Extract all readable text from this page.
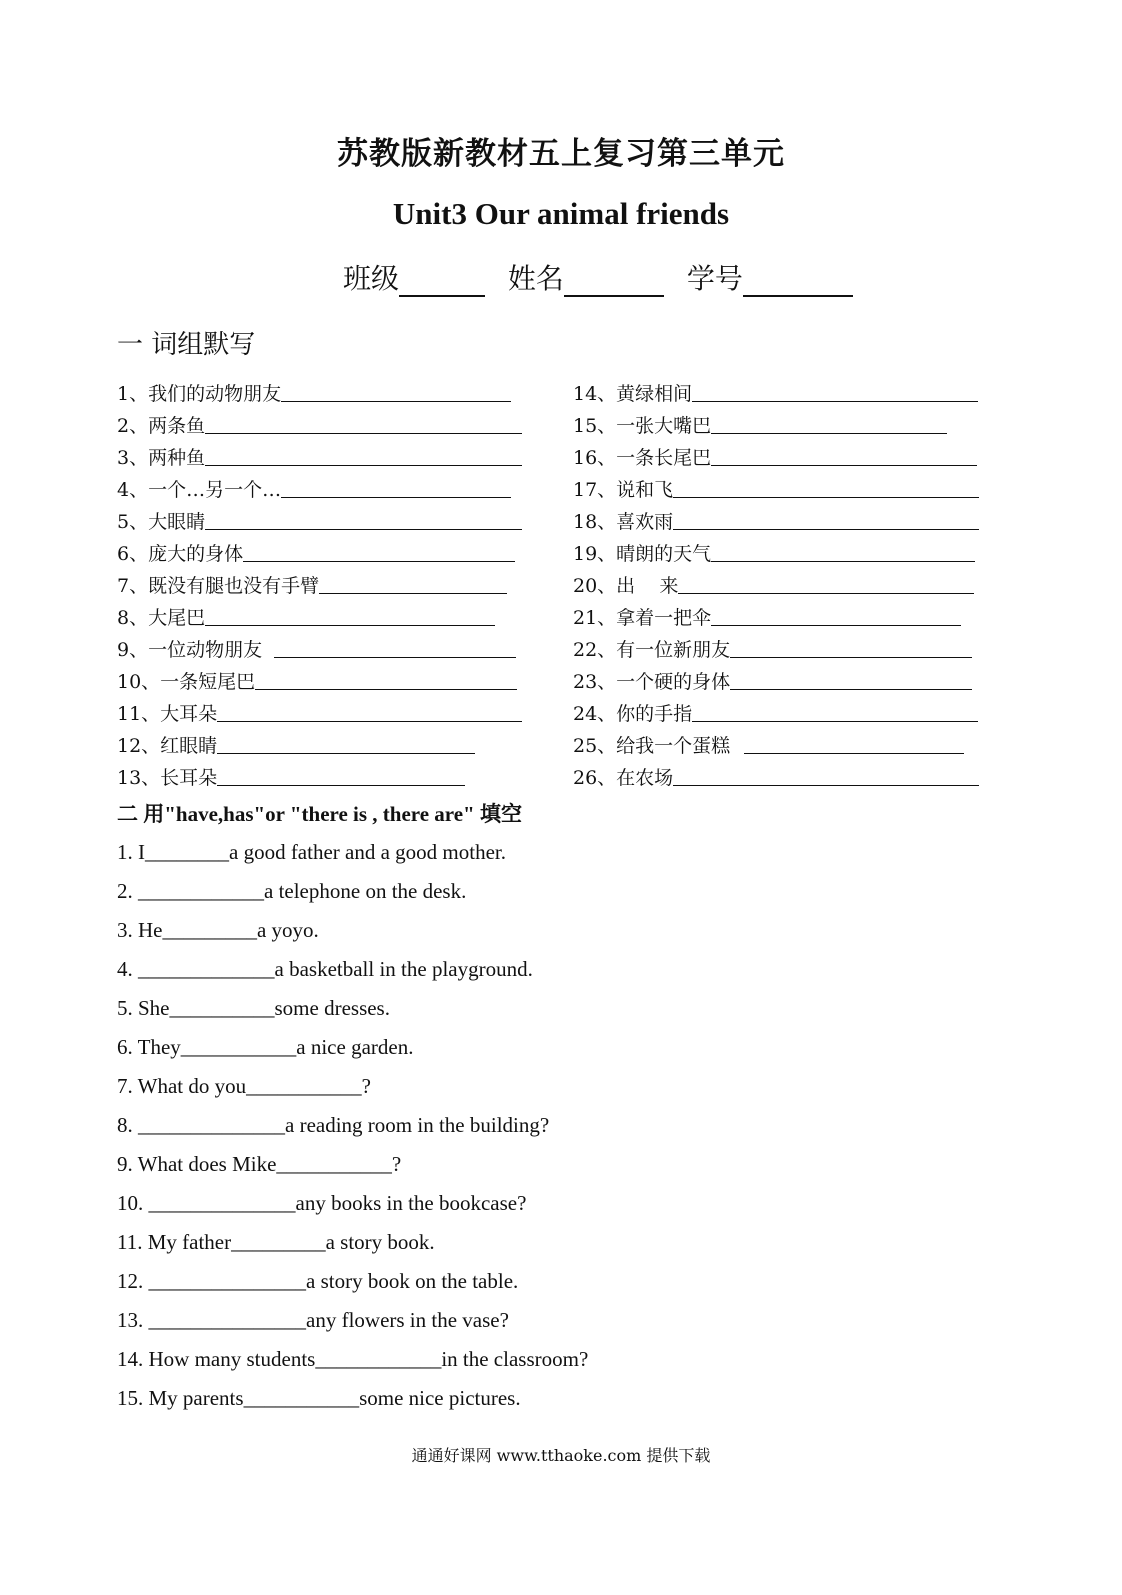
苏教版新教材五上复习第三单元
Unit3 Our animal friends
班级	姓名	学号
一 词组默写
1、我们的动物朋友
2、两条鱼
3、两种鱼
4、一个…另一个…
5、大眼睛
6、庞大的身体
7、既没有腿也没有手臂
8、大尾巴
9、一位动物朋友
10、一条短尾巴
11、大耳朵
12、红眼睛
13、长耳朵
14、黄绿相间
15、一张大嘴巴
16、一条长尾巴
17、说和飞
18、喜欢雨
19、晴朗的天气
20、出    来
21、拿着一把伞
22、有一位新朋友
23、一个硬的身体
24、你的手指
25、给我一个蛋糕
26、在农场
二 用"have,has"or "there is , there are" 填空
1. I________a good father and a good mother.
2. ____________a telephone on the desk.
3. He_________a yoyo.
4. _____________a basketball in the playground.
5. She__________some dresses.
6. They___________a nice garden.
7. What do you___________?
8. ______________a reading room in the building?
9. What does Mike___________?
10. ______________any books in the bookcase?
11. My father_________a story book.
12. _______________a story book on the table.
13. _______________any flowers in the vase?
14. How many students____________in the classroom?
15. My parents___________some nice pictures.
通通好课网 www.tthaoke.com 提供下载
